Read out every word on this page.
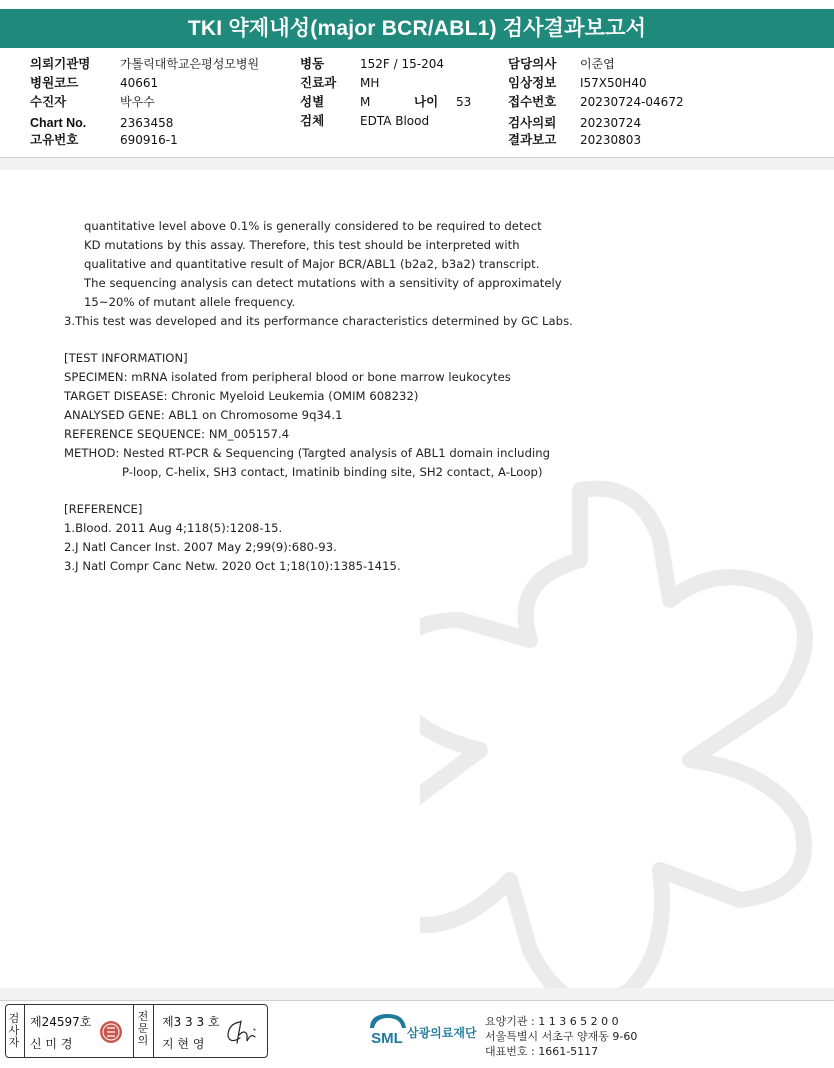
TKI 약제내성(major BCR/ABL1) 검사결과보고서
의뢰기관명 가톨릭대학교은평성모병원
병원코드	40661
수진자	박우수
Chart No.	2363458
고유번호	690916-1
병동	152F / 15-204
진료과 MH
성별	M	나이 53
검체	EDTA Blood
담당의사 이준엽
임상정보 I57X50H40
접수번호 20230724-04672
검사의뢰 20230724
결과보고 20230803
quantitative level above 0.1% is generally considered to be required to detect
KD mutations by this assay. Therefore, this test should be interpreted with
qualitative and quantitative result of Major BCR/ABL1 (b2a2, b3a2) transcript.
The sequencing analysis can detect mutations with a sensitivity of approximately
15~20% of mutant allele frequency.
3.This test was developed and its performance characteristics determined by GC Labs.
[TEST INFORMATION]
SPECIMEN: mRNA isolated from peripheral blood or bone marrow leukocytes
TARGET DISEASE: Chronic Myeloid Leukemia (OMIM 608232)
ANALYSED GENE: ABL1 on Chromosome 9q34.1
REFERENCE SEQUENCE: NM_005157.4
METHOD: Nested RT-PCR & Sequencing (Targted analysis of ABL1 domain including
P-loop, C-helix, SH3 contact, Imatinib binding site, SH2 contact, A-Loop)
[REFERENCE]
1.Blood. 2011 Aug 4;118(5):1208-15.
2.J Natl Cancer Inst. 2007 May 2;99(9):680-93.
3.J Natl Compr Canc Netw. 2020 Oct 1;18(10):1385-1415.
검
사
자
제24597호
신 미 경
전
문
의
제3 3 3 호
지 현 영	SML 삼광의료재단
요양기관 : 1 1 3 6 5 2 0 0
서울특별시 서초구 양재동 9-60
대표번호 : 1661-5117
